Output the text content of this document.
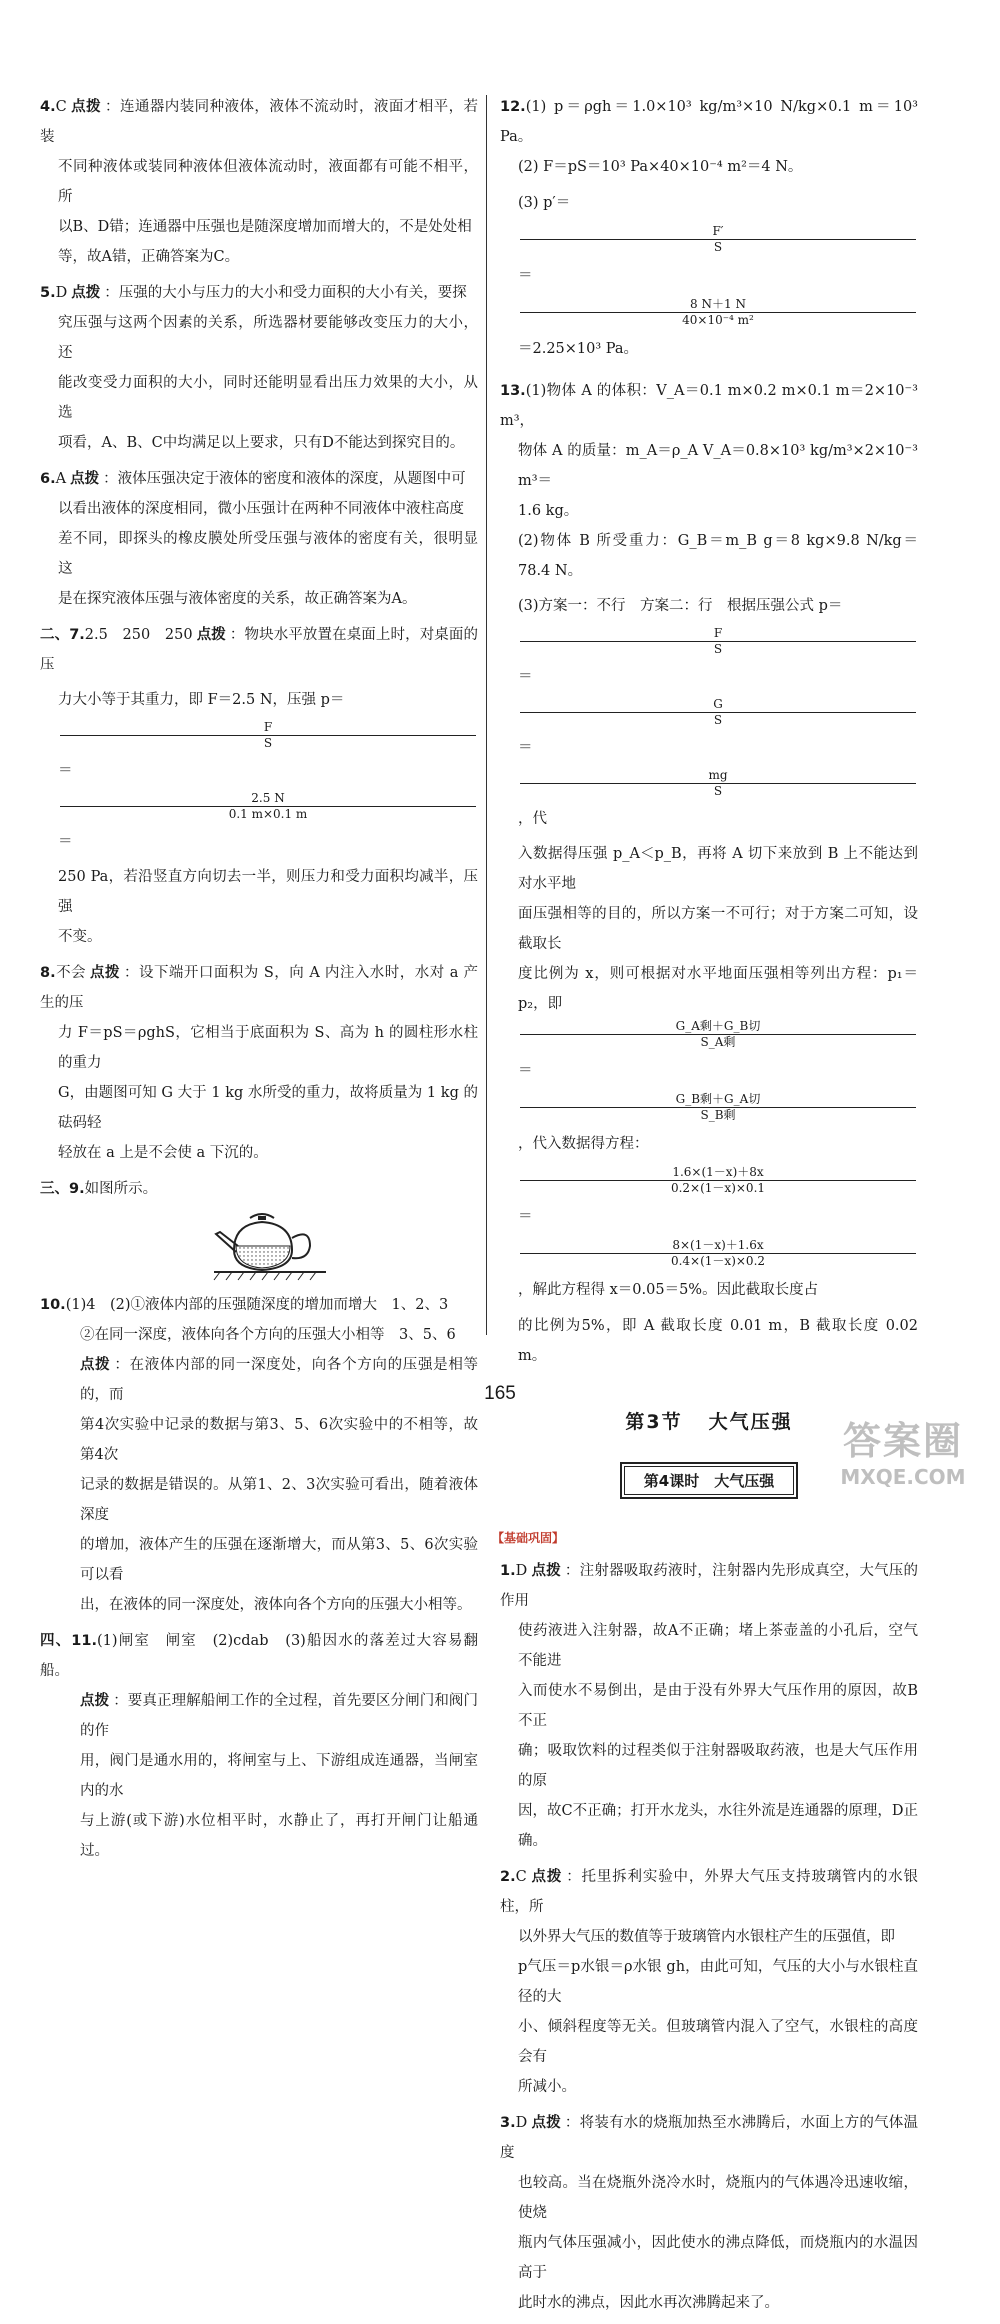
4.C 点拨 ：连通器内装同种液体，液体不流动时，液面才相平，若装
不同种液体或装同种液体但液体流动时，液面都有可能不相平，所
以B、D错；连通器中压强也是随深度增加而增大的，不是处处相
等，故A错，正确答案为C。
5.D 点拨 ：压强的大小与压力的大小和受力面积的大小有关，要探
究压强与这两个因素的关系，所选器材要能够改变压力的大小，还
能改变受力面积的大小，同时还能明显看出压力效果的大小，从选
项看，A、B、C中均满足以上要求，只有D不能达到探究目的。
6.A 点拨 ：液体压强决定于液体的密度和液体的深度，从题图中可
以看出液体的深度相同，微小压强计在两种不同液体中液柱高度
差不同，即探头的橡皮膜处所受压强与液体的密度有关，很明显这
是在探究液体压强与液体密度的关系，故正确答案为A。
二、7.2.5　250　250 点拨 ：物块水平放置在桌面上时，对桌面的压
力大小等于其重力，即 F＝2.5 N，压强 p＝
F
S
＝
2.5 N
0.1 m×0.1 m
＝
250 Pa，若沿竖直方向切去一半，则压力和受力面积均减半，压强
不变。
8.不会 点拨 ：设下端开口面积为 S，向 A 内注入水时，水对 a 产生的压
力 F＝pS＝ρghS，它相当于底面积为 S、高为 h 的圆柱形水柱的重力
G，由题图可知 G 大于 1 kg 水所受的重力，故将质量为 1 kg 的砝码轻
轻放在 a 上是不会使 a 下沉的。
三、9.如图所示。
10.(1)4　(2)①液体内部的压强随深度的增加而增大　1、2、3
②在同一深度，液体向各个方向的压强大小相等　3、5、6
点拨 ：在液体内部的同一深度处，向各个方向的压强是相等的，而
第4次实验中记录的数据与第3、5、6次实验中的不相等，故第4次
记录的数据是错误的。从第1、2、3次实验可看出，随着液体深度
的增加，液体产生的压强在逐渐增大，而从第3、5、6次实验可以看
出，在液体的同一深度处，液体向各个方向的压强大小相等。
四、11.(1)闸室　闸室　(2)cdab　(3)船因水的落差过大容易翻船。
点拨 ：要真正理解船闸工作的全过程，首先要区分闸门和阀门的作
用，阀门是通水用的，将闸室与上、下游组成连通器，当闸室内的水
与上游(或下游)水位相平时，水静止了，再打开闸门让船通过。
12.(1) p＝ρgh＝1.0×10³ kg/m³×10 N/kg×0.1 m＝10³ Pa。
(2) F＝pS＝10³ Pa×40×10⁻⁴ m²＝4 N。
(3) p′＝
F′
S
＝
8 N＋1 N
40×10⁻⁴ m²
＝2.25×10³ Pa。
13.(1)物体 A 的体积：V_A＝0.1 m×0.2 m×0.1 m＝2×10⁻³ m³，
物体 A 的质量：m_A＝ρ_A V_A＝0.8×10³ kg/m³×2×10⁻³ m³＝
1.6 kg。
(2)物体 B 所受重力：G_B＝m_B g＝8 kg×9.8 N/kg＝78.4 N。
(3)方案一：不行　方案二：行　根据压强公式 p＝
F
S
＝
G
S
＝
mg
S
，代
入数据得压强 p_A＜p_B，再将 A 切下来放到 B 上不能达到对水平地
面压强相等的目的，所以方案一不可行；对于方案二可知，设截取长
度比例为 x，则可根据对水平地面压强相等列出方程：p₁＝p₂，即
G_A剩＋G_B切
S_A剩
＝
G_B剩＋G_A切
S_B剩
，代入数据得方程：
1.6×(1－x)＋8x
0.2×(1－x)×0.1
＝
8×(1－x)＋1.6x
0.4×(1－x)×0.2
，解此方程得 x＝0.05＝5%。因此截取长度占
的比例为5%，即 A 截取长度 0.01 m，B 截取长度 0.02 m。
第3节 大气压强
第4课时　大气压强
【基础巩固】
1.D 点拨 ：注射器吸取药液时，注射器内先形成真空，大气压的作用
使药液进入注射器，故A不正确；堵上茶壶盖的小孔后，空气不能进
入而使水不易倒出，是由于没有外界大气压作用的原因，故B不正
确；吸取饮料的过程类似于注射器吸取药液，也是大气压作用的原
因，故C不正确；打开水龙头，水往外流是连通器的原理，D正确。
2.C 点拨 ：托里拆利实验中，外界大气压支持玻璃管内的水银柱，所
以外界大气压的数值等于玻璃管内水银柱产生的压强值，即
p气压＝p水银＝ρ水银 gh，由此可知，气压的大小与水银柱直径的大
小、倾斜程度等无关。但玻璃管内混入了空气，水银柱的高度会有
所减小。
3.D 点拨 ：将装有水的烧瓶加热至水沸腾后，水面上方的气体温度
也较高。当在烧瓶外浇冷水时，烧瓶内的气体遇冷迅速收缩，使烧
瓶内气体压强减小，因此使水的沸点降低，而烧瓶内的水温因高于
此时水的沸点，因此水再次沸腾起来了。
165
答案圈
MXQE.COM
